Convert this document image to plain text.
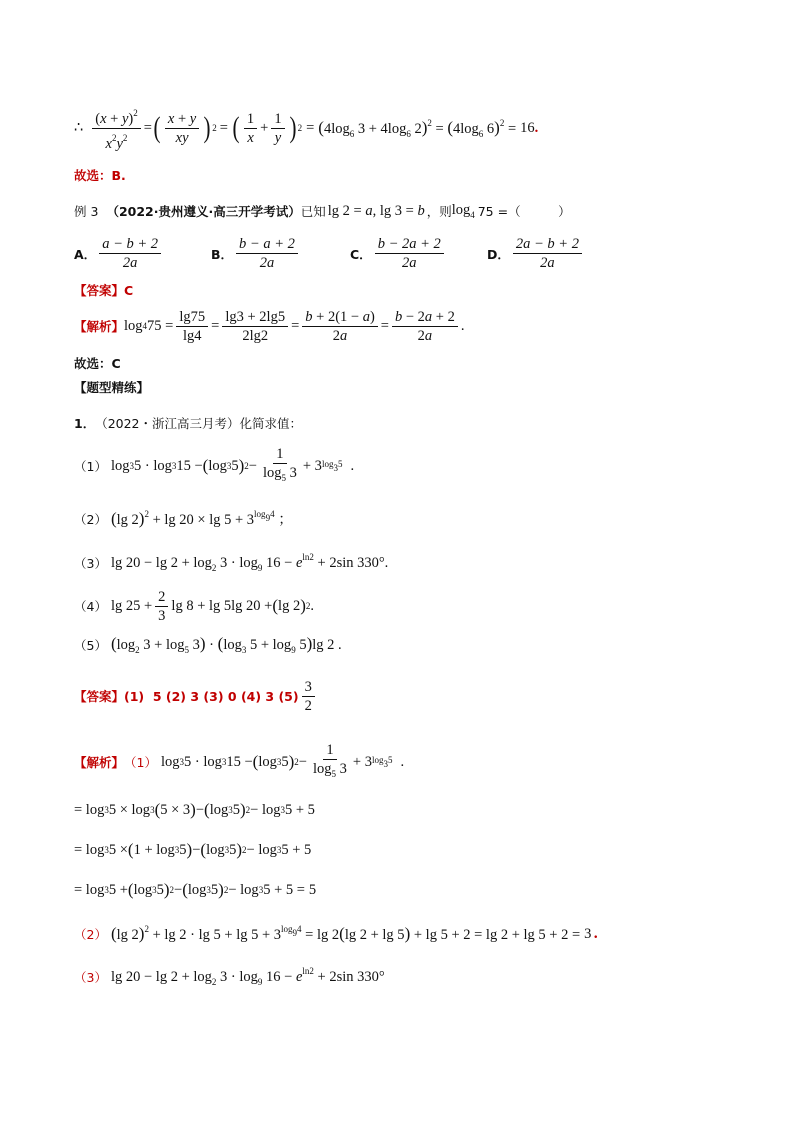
∴ $\frac{(x + y)^2}{x^2y^2}$ = ( $\frac{x + y}{xy}$ ) 2 = ( $\frac{1}{x} + \frac{1}{y}$ ) $2 = (4\log_6$ $3 + 4\log_6$ $2)^2 = (4\log_6$ 6)$^2$ = 16 .
故选：B.
例 3 （2022·贵州遵义·高三开学考试） 已知 lg 2 = a, lg 3 = b ，则 $\log_4 75$ =（　　　）
A． $\frac{a - b + 2}{2a}$	B． $\frac{b - a + 2}{2a}$	C． $\frac{b - 2a + 2}{2a}$	D． $\frac{2a - b + 2}{2a}$
【答案】 C
【解析】 log 4 $75 = \frac{\lg 75}{\lg 4} = \frac{\lg 3 + 2\lg 5}{2\lg 2} = \frac{b + 2(1 - a)}{2a} = \frac{b - 2a + 2}{2a}$ .
故选：C
【题型精练】
1． （2022・浙江高三月考） 化简求值：
（1） log 3 5 · log 3 15 − ( log 3 5 ) $2 - \frac{1}{\log_5 3} + 3$ $\log_35$ .
（2） (lg $2)^2 + \lg 20 \times \lg 5 + 3^{log_94}$ ；
（3） $\lg 20 - \lg 2 + \log_2 3 \cdot \log_9 16 - e^{ln2} + 2\sin$ 330°.
（4） $\lg 25 + \frac{2}{3}$ lg 8 + lg 5lg 20 + ( lg 2 ) 2 .
（5） ($\log_2$ $3 + \log_5 3) \cdot (\log_3$ $5 + \log_9 5)\lg$ 2 .
【答案】 (1)  5 (2) 3 (3) 0 (4) 3 $(5) \frac{3}{2}$
【解析】 （1） log 3 5 · log 3 15 − ( log 3 5 ) $2 - \frac{1}{\log_5 3} + 3$ $\log_35$ .
= log 3 5 × log 3 ( 5 × 3 ) − ( log 3 5 ) 2 − log 3 5 + 5
= log 3 5 × ( 1 + log 3 5 ) − ( log 3 5 ) 2 − log 3 5 + 5
= log 3 5 + ( log 3 5 ) 2 − ( log 3 5 ) 2 − log 3 5 + 5 = 5
（2） (lg $2)^2 + \lg 2 \cdot \lg 5 + \lg 5 + 3^{log_94} = \lg 2(\lg$ 2 + lg 5) + lg 5 + 2 = lg 2 + lg 5 + 2 = 3 .
（3） $\lg 20 - \lg 2 + \log_2 3 \cdot \log_9 16 - e^{ln2} + 2\sin$ 330°
